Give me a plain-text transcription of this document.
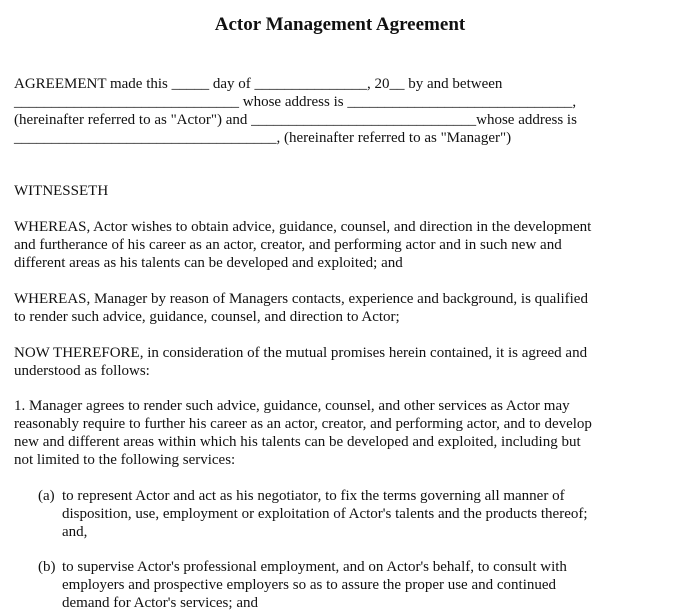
Actor Management Agreement
AGREEMENT made this _____ day of _______________, 20__ by and between
______________________________ whose address is ______________________________,
(hereinafter referred to as "Actor") and ______________________________whose address is
___________________________________, (hereinafter referred to as "Manager")
WITNESSETH
WHEREAS, Actor wishes to obtain advice, guidance, counsel, and direction in the development
and furtherance of his career as an actor, creator, and performing actor and in such new and
different areas as his talents can be developed and exploited; and
WHEREAS, Manager by reason of Managers contacts, experience and background, is qualified
to render such advice, guidance, counsel, and direction to Actor;
NOW THEREFORE, in consideration of the mutual promises herein contained, it is agreed and
understood as follows:
1. Manager agrees to render such advice, guidance, counsel, and other services as Actor may
reasonably require to further his career as an actor, creator, and performing actor, and to develop
new and different areas within which his talents can be developed and exploited, including but
not limited to the following services:
(a) to represent Actor and act as his negotiator, to fix the terms governing all manner of
disposition, use, employment or exploitation of Actor's talents and the products thereof;
and,
(b) to supervise Actor's professional employment, and on Actor's behalf, to consult with
employers and prospective employers so as to assure the proper use and continued
demand for Actor's services; and
